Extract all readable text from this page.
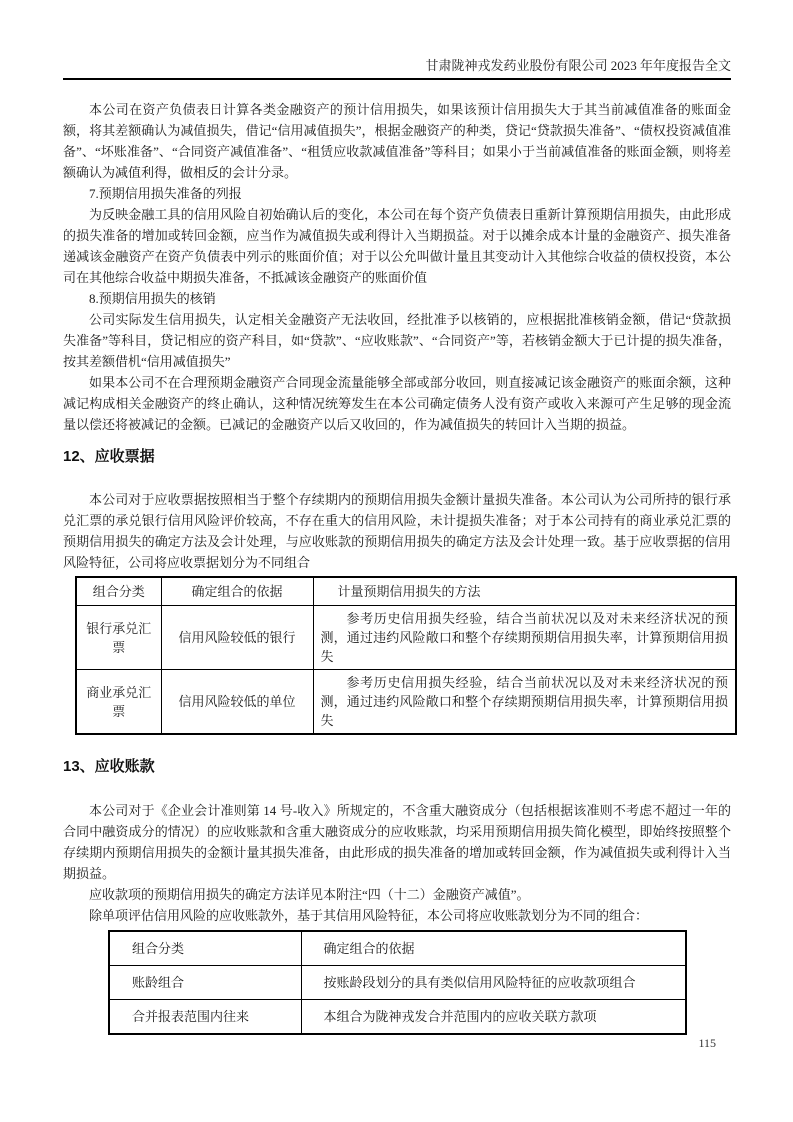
甘肃陇神戎发药业股份有限公司 2023 年年度报告全文

本公司在资产负债表日计算各类金融资产的预计信用损失，如果该预计信用损失大于其当前减值准备的账面金额，将其差额确认为减值损失，借记“信用减值损失”，根据金融资产的种类，贷记“贷款损失准备”、“债权投资减值准备”、“坏账准备”、“合同资产减值准备”、“租赁应收款减值准备”等科目；如果小于当前减值准备的账面金额，则将差额确认为减值利得，做相反的会计分录。

7.预期信用损失准备的列报

为反映金融工具的信用风险自初始确认后的变化，本公司在每个资产负债表日重新计算预期信用损失，由此形成的损失准备的增加或转回金额，应当作为减值损失或利得计入当期损益。对于以摊余成本计量的金融资产、损失准备递减该金融资产在资产负债表中列示的账面价值；对于以公允叫做计量且其变动计入其他综合收益的债权投资，本公司在其他综合收益中期损失准备，不抵减该金融资产的账面价值

8.预期信用损失的核销

公司实际发生信用损失，认定相关金融资产无法收回，经批准予以核销的，应根据批准核销金额，借记“贷款损失准备”等科目，贷记相应的资产科目，如“贷款”、“应收账款”、“合同资产”等，若核销金额大于已计提的损失准备，按其差额借机“信用减值损失”

如果本公司不在合理预期金融资产合同现金流量能够全部或部分收回，则直接减记该金融资产的账面余额，这种减记构成相关金融资产的终止确认，这种情况统筹发生在本公司确定债务人没有资产或收入来源可产生足够的现金流量以偿还将被减记的金额。已减记的金融资产以后又收回的，作为减值损失的转回计入当期的损益。

12、应收票据

本公司对于应收票据按照相当于整个存续期内的预期信用损失金额计量损失准备。本公司认为公司所持的银行承兑汇票的承兑银行信用风险评价较高，不存在重大的信用风险，未计提损失准备；对于本公司持有的商业承兑汇票的预期信用损失的确定方法及会计处理，与应收账款的预期信用损失的确定方法及会计处理一致。基于应收票据的信用风险特征，公司将应收票据划分为不同组合

组合分类	确定组合的依据	计量预期信用损失的方法
银行承兑汇票	信用风险较低的银行	参考历史信用损失经验，结合当前状况以及对未来经济状况的预测，通过违约风险敞口和整个存续期预期信用损失率，计算预期信用损失
商业承兑汇票	信用风险较低的单位	参考历史信用损失经验，结合当前状况以及对未来经济状况的预测，通过违约风险敞口和整个存续期预期信用损失率，计算预期信用损失
13、应收账款

本公司对于《企业会计准则第 14 号-收入》所规定的，不含重大融资成分（包括根据该准则不考虑不超过一年的合同中融资成分的情况）的应收账款和含重大融资成分的应收账款，均采用预期信用损失简化模型，即始终按照整个存续期内预期信用损失的金额计量其损失准备，由此形成的损失准备的增加或转回金额，作为减值损失或利得计入当期损益。

应收款项的预期信用损失的确定方法详见本附注“四（十二）金融资产减值”。

除单项评估信用风险的应收账款外，基于其信用风险特征，本公司将应收账款划分为不同的组合：

组合分类	确定组合的依据
账龄组合	按账龄段划分的具有类似信用风险特征的应收款项组合
合并报表范围内往来	本组合为陇神戎发合并范围内的应收关联方款项
115
